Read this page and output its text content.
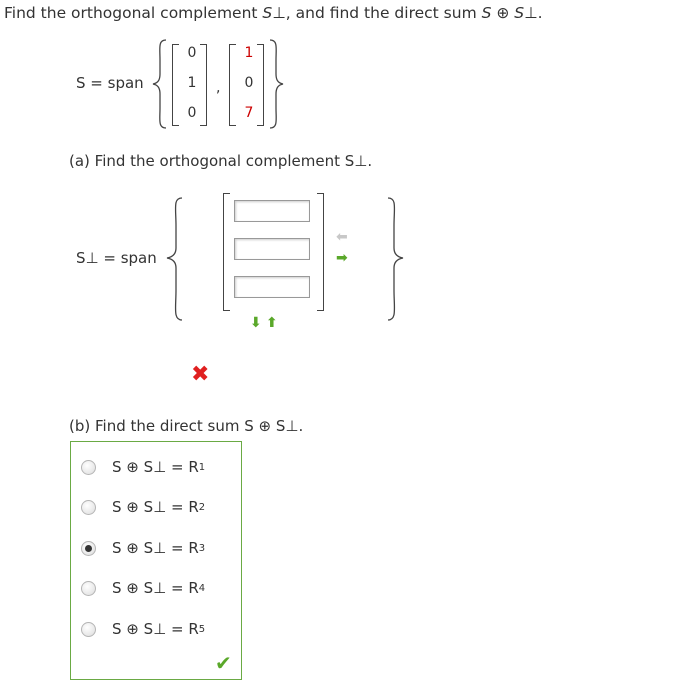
Find the orthogonal complement S⊥, and find the direct sum S ⊕ S⊥.
S = span
0
1
0
,
1
0
7
(a) Find the orthogonal complement S⊥.
S⊥ = span
⬅
➡
⬇ ⬆
✖
(b) Find the direct sum S ⊕ S⊥.
S ⊕ S⊥ = R 1
S ⊕ S⊥ = R 2
S ⊕ S⊥ = R 3
S ⊕ S⊥ = R 4
S ⊕ S⊥ = R 5
✔
